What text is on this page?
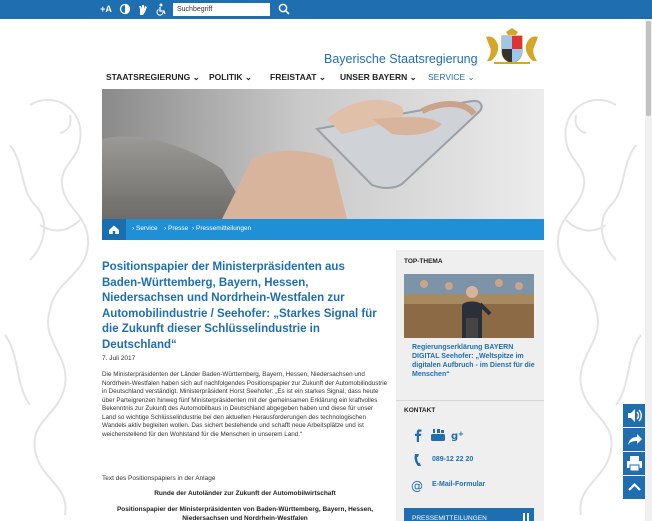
+A
Suchbegriff
Bayerische Staatsregierung
STAATSREGIERUNG ⌄ POLITIK ⌄ FREISTAAT ⌄ UNSER BAYERN ⌄ SERVICE ⌄
› Service › Presse › Pressemitteilungen
Positionspapier der Ministerpräsidenten aus Baden-Württemberg, Bayern, Hessen, Niedersachsen und Nordrhein-Westfalen zur Automobilindustrie / Seehofer: „Starkes Signal für die Zukunft dieser Schlüsselindustrie in Deutschland“
7. Juli 2017

Die Ministerpräsidenten der Länder Baden-Württemberg, Bayern, Hessen, Niedersachsen und Nordrhein-Westfalen haben sich auf nachfolgendes Positionspapier zur Zukunft der Automobilindustrie in Deutschland verständigt. Ministerpräsident Horst Seehofer: „Es ist ein starkes Signal, dass heute über Parteigrenzen hinweg fünf Ministerpräsidenten mit der gemeinsamen Erklärung ein kraftvolles Bekenntnis zur Zukunft des Automobilbaus in Deutschland abgegeben haben und diese für unser Land so wichtige Schlüsselindustrie bei den aktuellen Herausforderungen des technologischen Wandels aktiv begleiten wollen. Das sichert bestehende und schafft neue Arbeitsplätze und ist weichenstellend für den Wohlstand für die Menschen in unserem Land.“

Text des Positionspapiers in der Anlage
Runde der Autoländer zur Zukunft der Automobilwirtschaft
Positionspapier der Ministerpräsidenten von Baden-Württemberg, Bayern, Hessen,
Niedersachsen und Nordrhein-Westfalen
TOP-THEMA
Regierungserklärung BAYERN DIGITAL Seehofer: „Weltspitze im digitalen Aufbruch - im Dienst für die Menschen“
KONTAKT
g +
089-12 22 20
@ E-Mail-Formular
PRESSEMITTEILUNGEN
